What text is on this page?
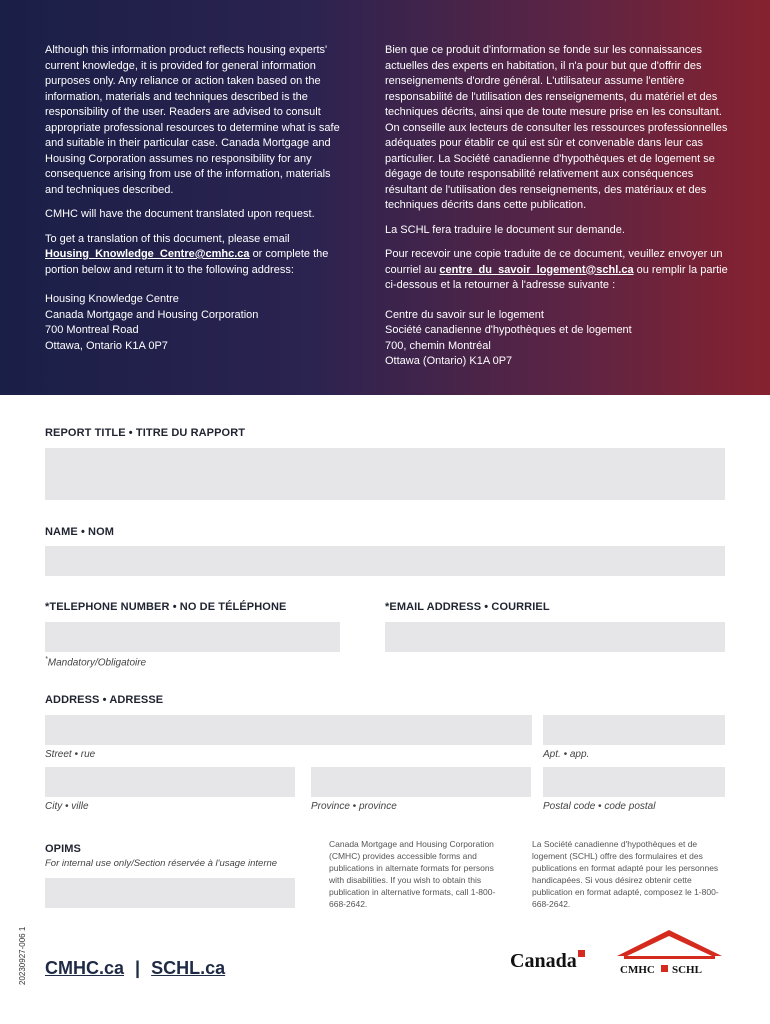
Although this information product reflects housing experts' current knowledge, it is provided for general information purposes only. Any reliance or action taken based on the information, materials and techniques described is the responsibility of the user. Readers are advised to consult appropriate professional resources to determine what is safe and suitable in their particular case. Canada Mortgage and Housing Corporation assumes no responsibility for any consequence arising from use of the information, materials and techniques described.

CMHC will have the document translated upon request.

To get a translation of this document, please email Housing_Knowledge_Centre@cmhc.ca or complete the portion below and return it to the following address:

Housing Knowledge Centre
Canada Mortgage and Housing Corporation
700 Montreal Road
Ottawa, Ontario K1A 0P7

Bien que ce produit d'information se fonde sur les connaissances actuelles des experts en habitation, il n'a pour but que d'offrir des renseignements d'ordre général. L'utilisateur assume l'entière responsabilité de l'utilisation des renseignements, du matériel et des techniques décrits, ainsi que de toute mesure prise en les consultant. On conseille aux lecteurs de consulter les ressources professionnelles adéquates pour établir ce qui est sûr et convenable dans leur cas particulier. La Société canadienne d'hypothèques et de logement se dégage de toute responsabilité relativement aux conséquences résultant de l'utilisation des renseignements, des matériaux et des techniques décrits dans cette publication.

La SCHL fera traduire le document sur demande.

Pour recevoir une copie traduite de ce document, veuillez envoyer un courriel au centre_du_savoir_logement@schl.ca ou remplir la partie ci-dessous et la retourner à l'adresse suivante :

Centre du savoir sur le logement
Société canadienne d'hypothèques et de logement
700, chemin Montréal
Ottawa (Ontario) K1A 0P7

REPORT TITLE • TITRE DU RAPPORT
NAME • NOM
*TELEPHONE NUMBER • NO DE TÉLÉPHONE	*EMAIL ADDRESS • COURRIEL
*Mandatory/Obligatoire
ADDRESS • ADRESSE
Street • rue	Apt. • app.
City • ville	Province • province	Postal code • code postal
OPIMS
For internal use only/Section réservée à l'usage interne
Canada Mortgage and Housing Corporation (CMHC) provides accessible forms and publications in alternate formats for persons with disabilities. If you wish to obtain this publication in alternative formats, call 1-800-668-2642.
La Société canadienne d'hypothèques et de logement (SCHL) offre des formulaires et des publications en format adapté pour les personnes handicapées. Si vous désirez obtenir cette publication en format adapté, composez le 1-800-668-2642.
20230927-006 1 CMHC.ca | SCHL.ca	Canada	CMHC SCHL
